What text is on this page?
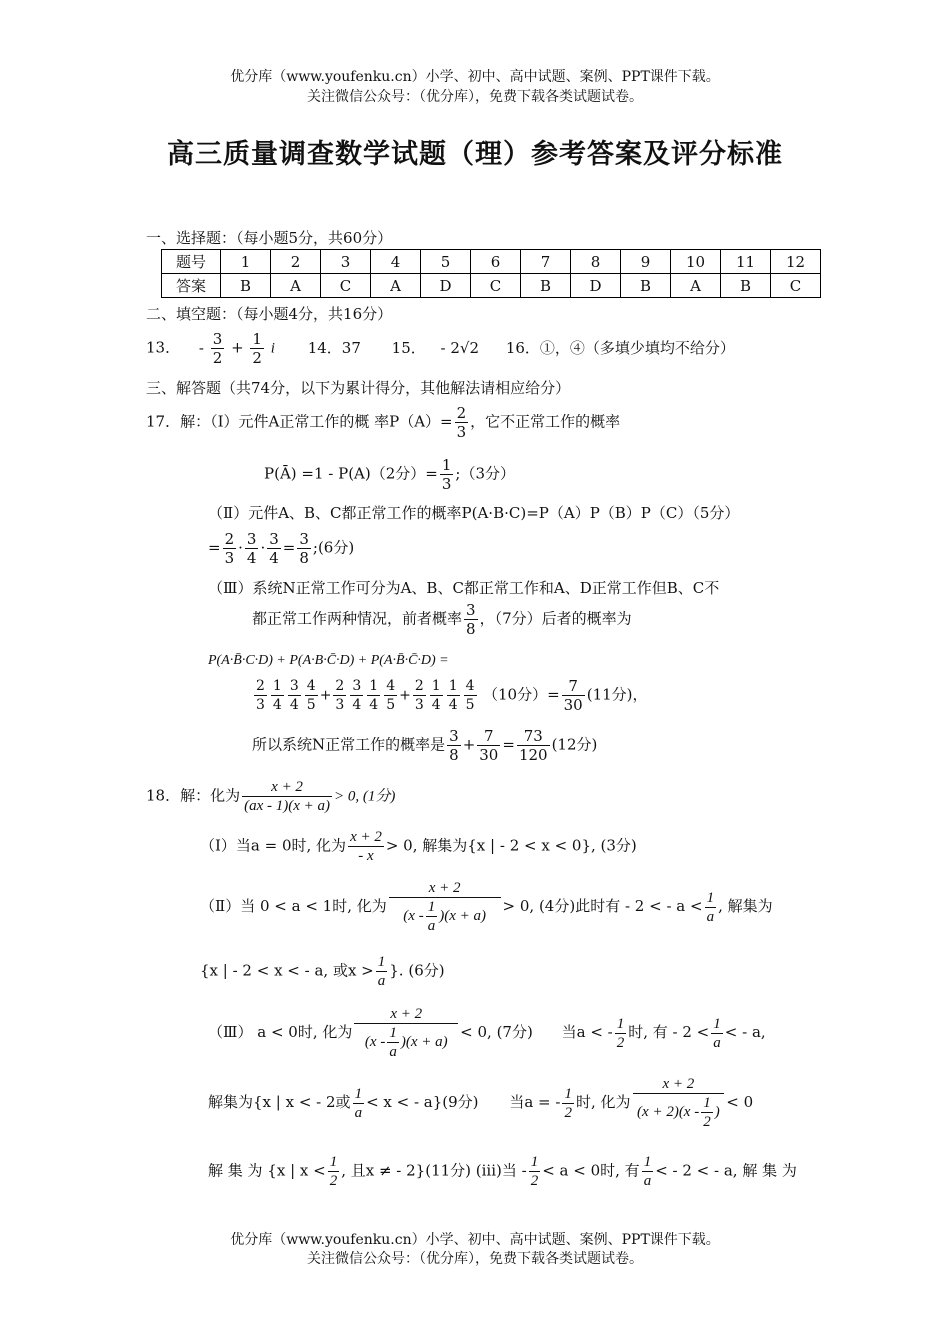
优分库（www.youfenku.cn）小学、初中、高中试题、案例、PPT课件下载。
关注微信公众号：（优分库），免费下载各类试题试卷。
高三质量调查数学试题（理）参考答案及评分标准
一、选择题：（每小题5分，共60分）
题号	1	2	3	4	5	6	7	8	9	10	11	12
答案	B	A	C	A	D	C	B	D	B	A	B	C
二、填空题：（每小题4分，共16分）
13． - $\frac{3}{2} + \frac{1}{2}$ i 14．37 15． - 2√2 16．①，④（多填少填均不给分）
三、解答题（共74分，以下为累计得分，其他解法请相应给分）
17．解：（Ⅰ）元件A正常工作的概 率$P(A)= \frac{2}{3}$ ，它不正常工作的概率
P(Ā) =1 - P(A)（2分）= $\frac{1}{3}$ ;（3分）
（Ⅱ）元件A、B、C都正常工作的概率P(A·B·C)=P（A）P（B）P（C）（5分）
= $\frac{2}{3} \cdot \frac{3}{4} \cdot \frac{3}{4} = \frac{3}{8}$ ;(6分)
（Ⅲ）系统N正常工作可分为A、B、C都正常工作和A、D正常工作但B、C不
都正常工作两种情况，前者概率 $\frac{3}{8}$ ，（7分）后者的概率为
P(A·B̄·C·D) + P(A·B·C̄·D) + P(A·B̄·C̄·D) =
$\frac{2}{3} \frac{1}{4} \frac{3}{4} \frac{4}{5} + \frac{2}{3} \frac{3}{4} \frac{1}{4} \frac{4}{5} + \frac{2}{3} \frac{1}{4} \frac{1}{4} \frac{4}{5} (10$分）= $\frac{7}{30} (11$分)，
所以系统N正常工作的概率是 $\frac{3}{8} + \frac{7}{30} = \frac{73}{120} (12$分)
18．解：化为 $\frac{x + 2}{(ax - 1)(x + a)} > 0$, (1分)
（Ⅰ）当a = 0时, 化为 $\frac{x + 2}{- x} > 0$, 解集为{x | - 2 < x < 0}, (3分)
（Ⅱ）当 0 < a < 1时, 化为 $\frac{x + 2}{(x - \frac{1}{a} )(x + a)} > 0$, (4分)此时有 - 2 < - $a < \frac{1}{a}$ , 解集为
{x | - 2 < x < - a, 或$x > \frac{1}{a}$ }. (6分)
（Ⅲ） a < 0时, 化为 $\frac{x + 2}{(x - \frac{1}{a} )(x + a)} < 0$, (7分) 当a < - $\frac{1}{2}$ 时, 有 - $2 < \frac{1}{a}$ < - a,
解集为{x | x < - 2或 $\frac{1}{a} < x$ < - a}(9分) 当a = - $\frac{1}{2}$ 时, 化为 $\frac{x + 2}{(x + 2)(x - \frac{1}{2} )} < 0$
解 集 为 {x | $x < \frac{1}{2}$ , 且x ≠ - 2}(11分) (iii)当 - $\frac{1}{2} < a < 0$时, 有 $\frac{1}{a}$ < - 2 < - a, 解 集 为
优分库（www.youfenku.cn）小学、初中、高中试题、案例、PPT课件下载。
关注微信公众号：（优分库），免费下载各类试题试卷。
